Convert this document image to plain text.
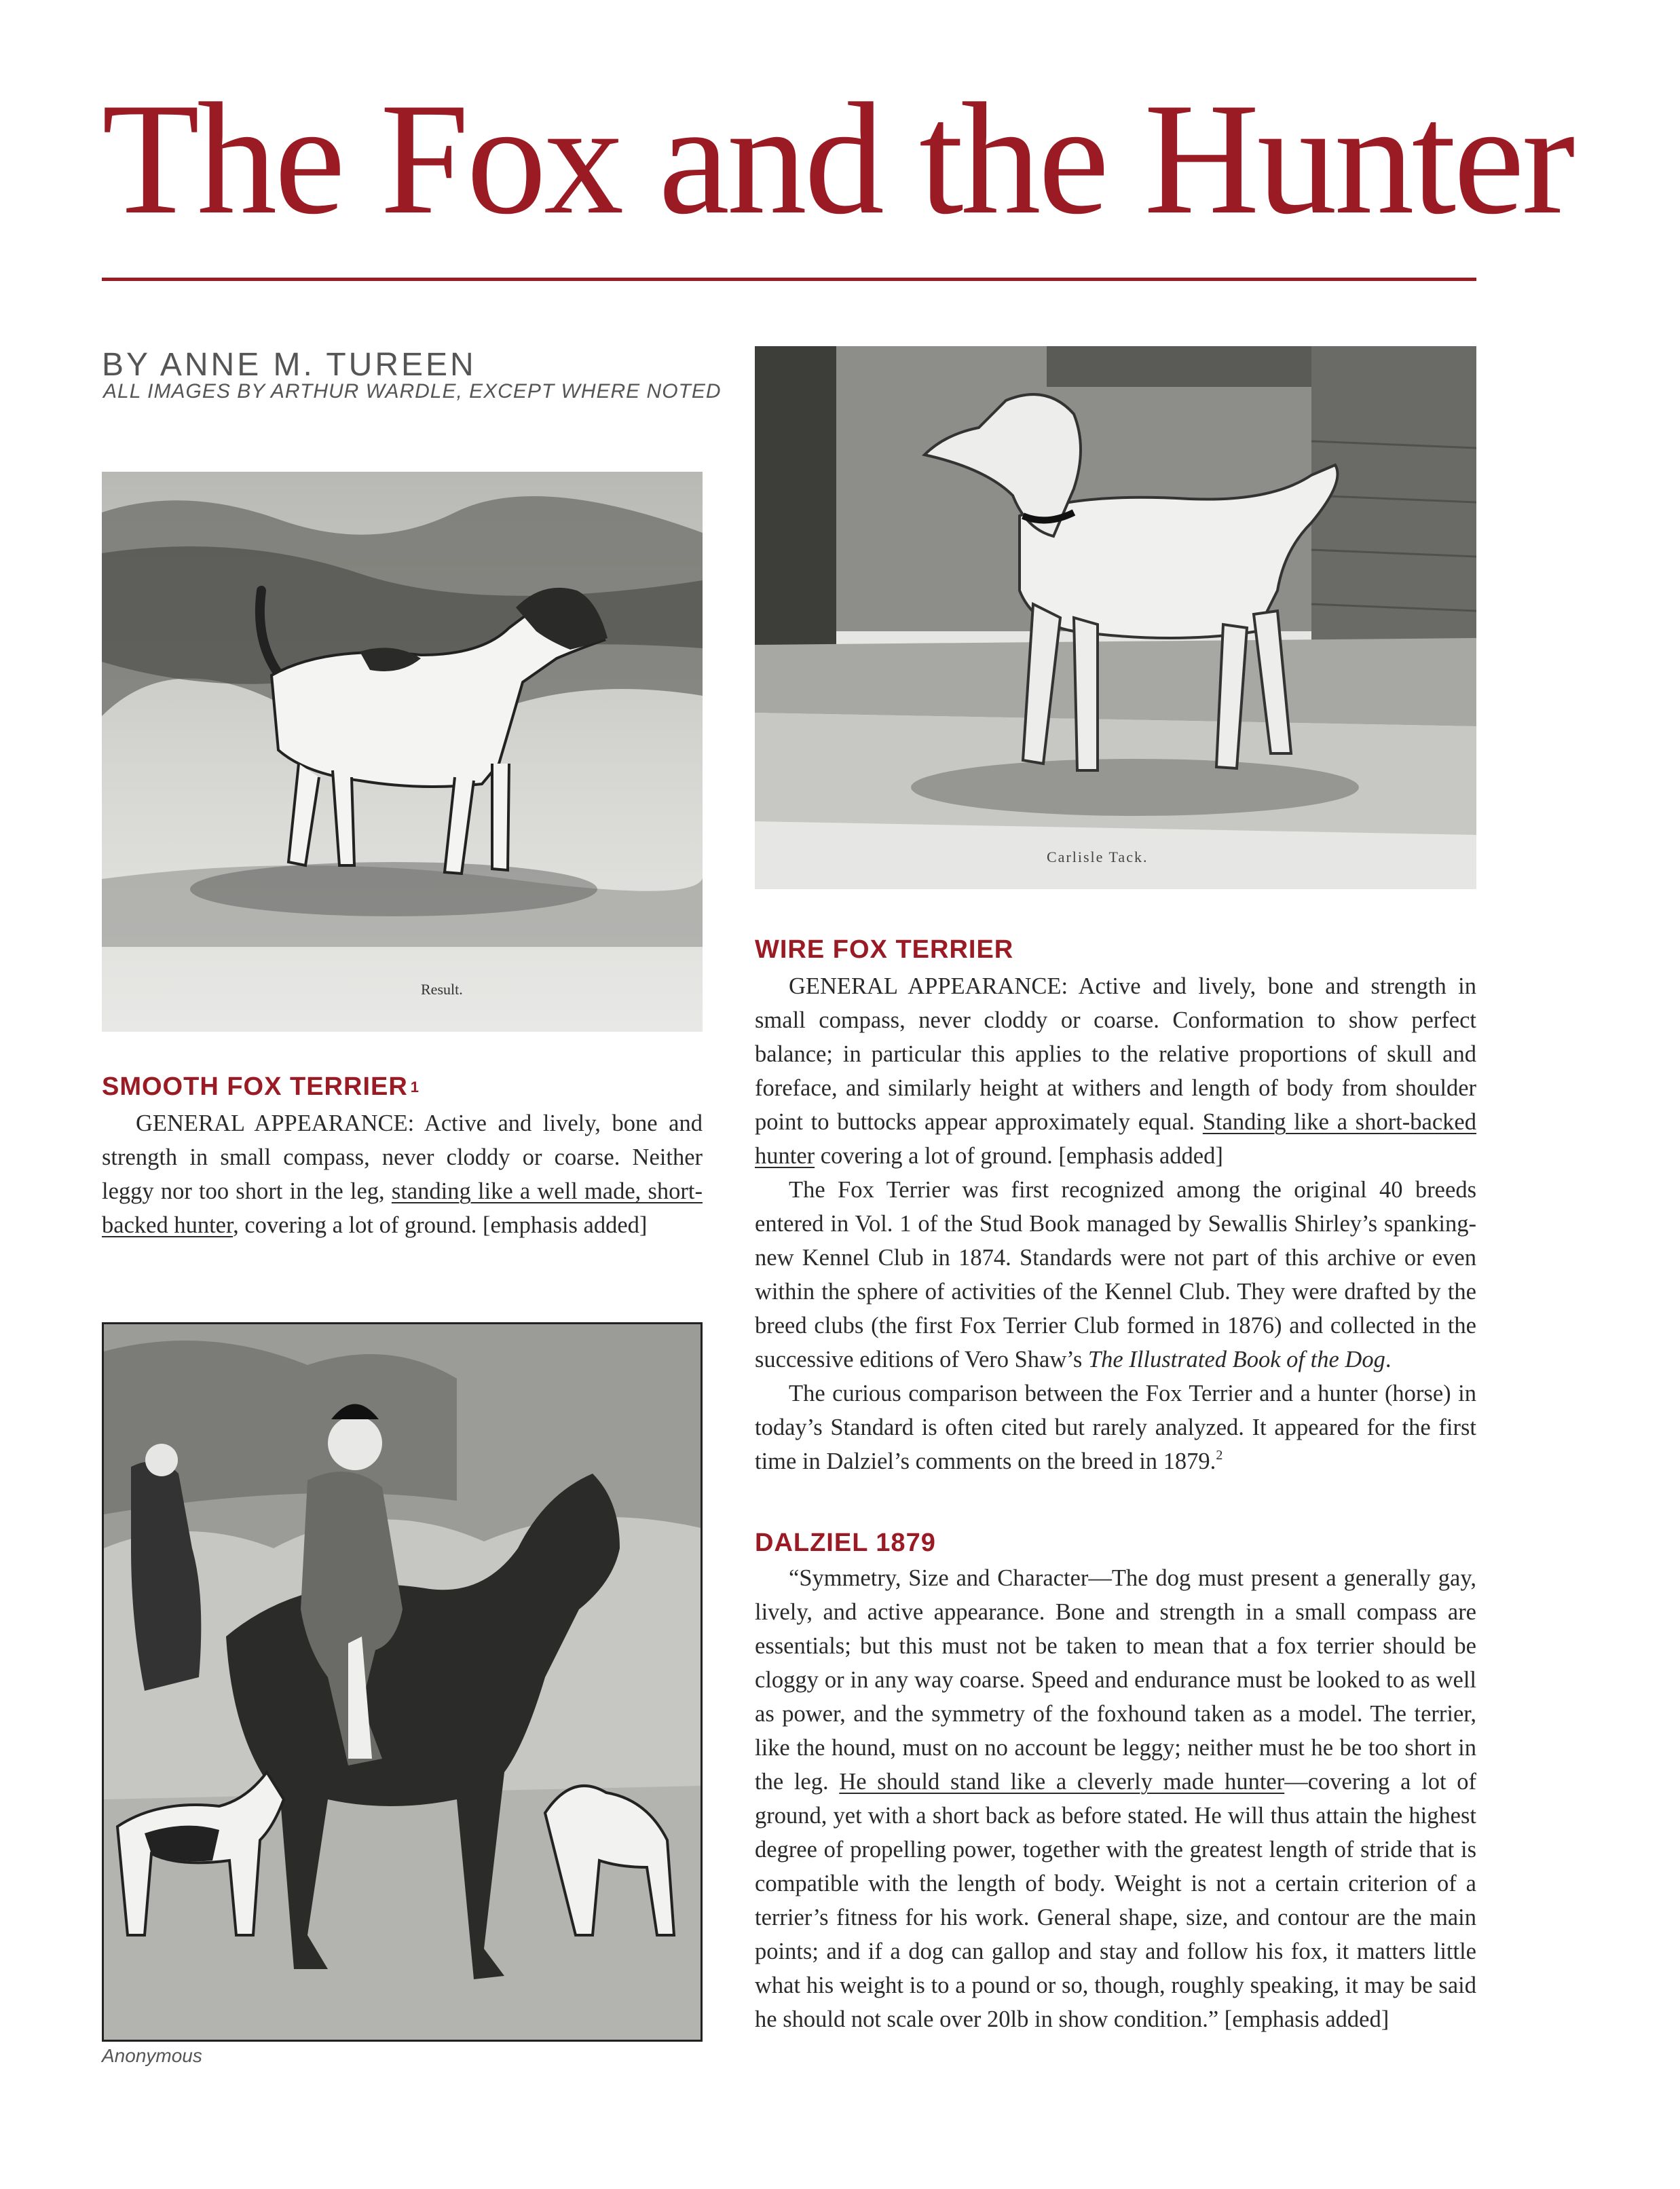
The Fox and the Hunter
BY ANNE M. TUREEN
ALL IMAGES BY ARTHUR WARDLE, EXCEPT WHERE NOTED
Result.
Carlisle Tack.
SMOOTH FOX TERRIER $^1$

GENERAL APPEARANCE: Active and lively, bone and strength in small compass, never cloddy or coarse. Neither leggy nor too short in the leg, standing like a well made, short-backed hunter, covering a lot of ground. [emphasis added]

Anonymous
WIRE FOX TERRIER

GENERAL APPEARANCE: Active and lively, bone and strength in small compass, never cloddy or coarse. Conformation to show perfect balance; in particular this applies to the relative proportions of skull and foreface, and similarly height at withers and length of body from shoulder point to buttocks appear approximately equal. Standing like a short-backed hunter covering a lot of ground. [emphasis added]

The Fox Terrier was first recognized among the original 40 breeds entered in Vol. 1 of the Stud Book managed by Sewallis Shirley’s spanking-new Kennel Club in 1874. Standards were not part of this archive or even within the sphere of activities of the Kennel Club. They were drafted by the breed clubs (the first Fox Terrier Club formed in 1876) and collected in the successive editions of Vero Shaw’s The Illustrated Book of the Dog.

The curious comparison between the Fox Terrier and a hunter (horse) in today’s Standard is often cited but rarely analyzed. It appeared for the first time in Dalziel’s comments on the breed in 1879.$^2$

DALZIEL 1879

“Symmetry, Size and Character—The dog must present a generally gay, lively, and active appearance. Bone and strength in a small compass are essentials; but this must not be taken to mean that a fox terrier should be cloggy or in any way coarse. Speed and endurance must be looked to as well as power, and the symmetry of the foxhound taken as a model. The terrier, like the hound, must on no account be leggy; neither must he be too short in the leg. He should stand like a cleverly made hunter—covering a lot of ground, yet with a short back as before stated. He will thus attain the highest degree of propelling power, together with the greatest length of stride that is compatible with the length of body. Weight is not a certain criterion of a terrier’s fitness for his work. General shape, size, and contour are the main points; and if a dog can gallop and stay and follow his fox, it matters little what his weight is to a pound or so, though, roughly speaking, it may be said he should not scale over 20lb in show condition.” [emphasis added]
